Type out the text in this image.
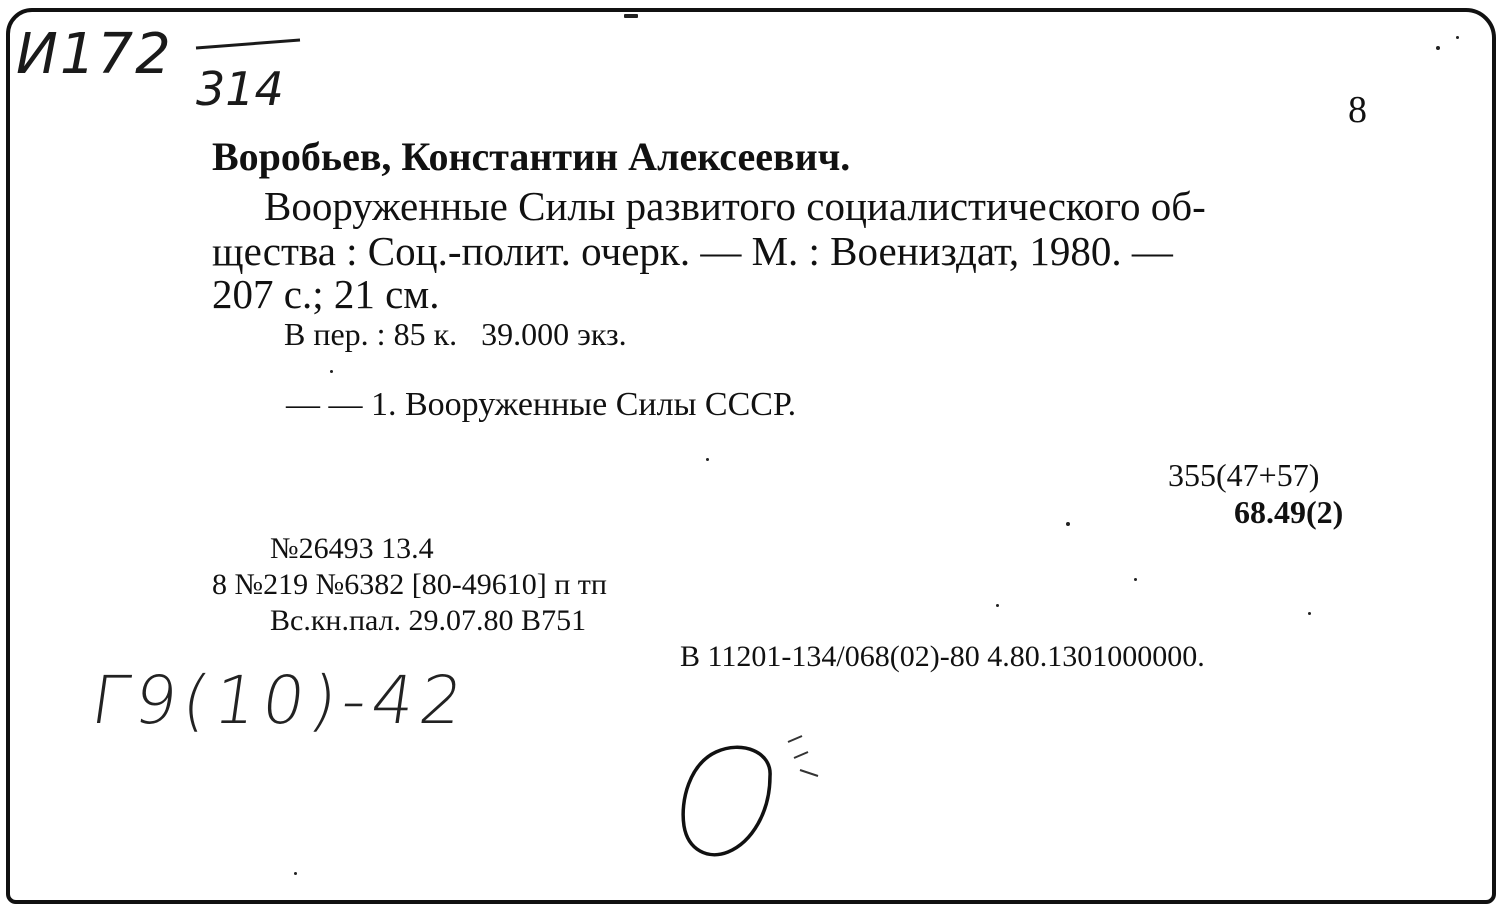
И172
314	8
Воробьев, Константин Алексеевич.
Вооруженные Силы развитого социалистического об-
щества : Соц.-полит. очерк. — М. : Воениздат, 1980. —
207 с.; 21 см.
В пер. : 85 к.   39.000 экз.
— — 1. Вооруженные Силы СССР.
355(47+57)
68.49(2)
№26493 13.4
8 №219 №6382 [80-49610] п тп
Вс.кн.пал. 29.07.80 В751
В 11201-134/068(02)-80 4.80.1301000000.
Г9(10)-42
